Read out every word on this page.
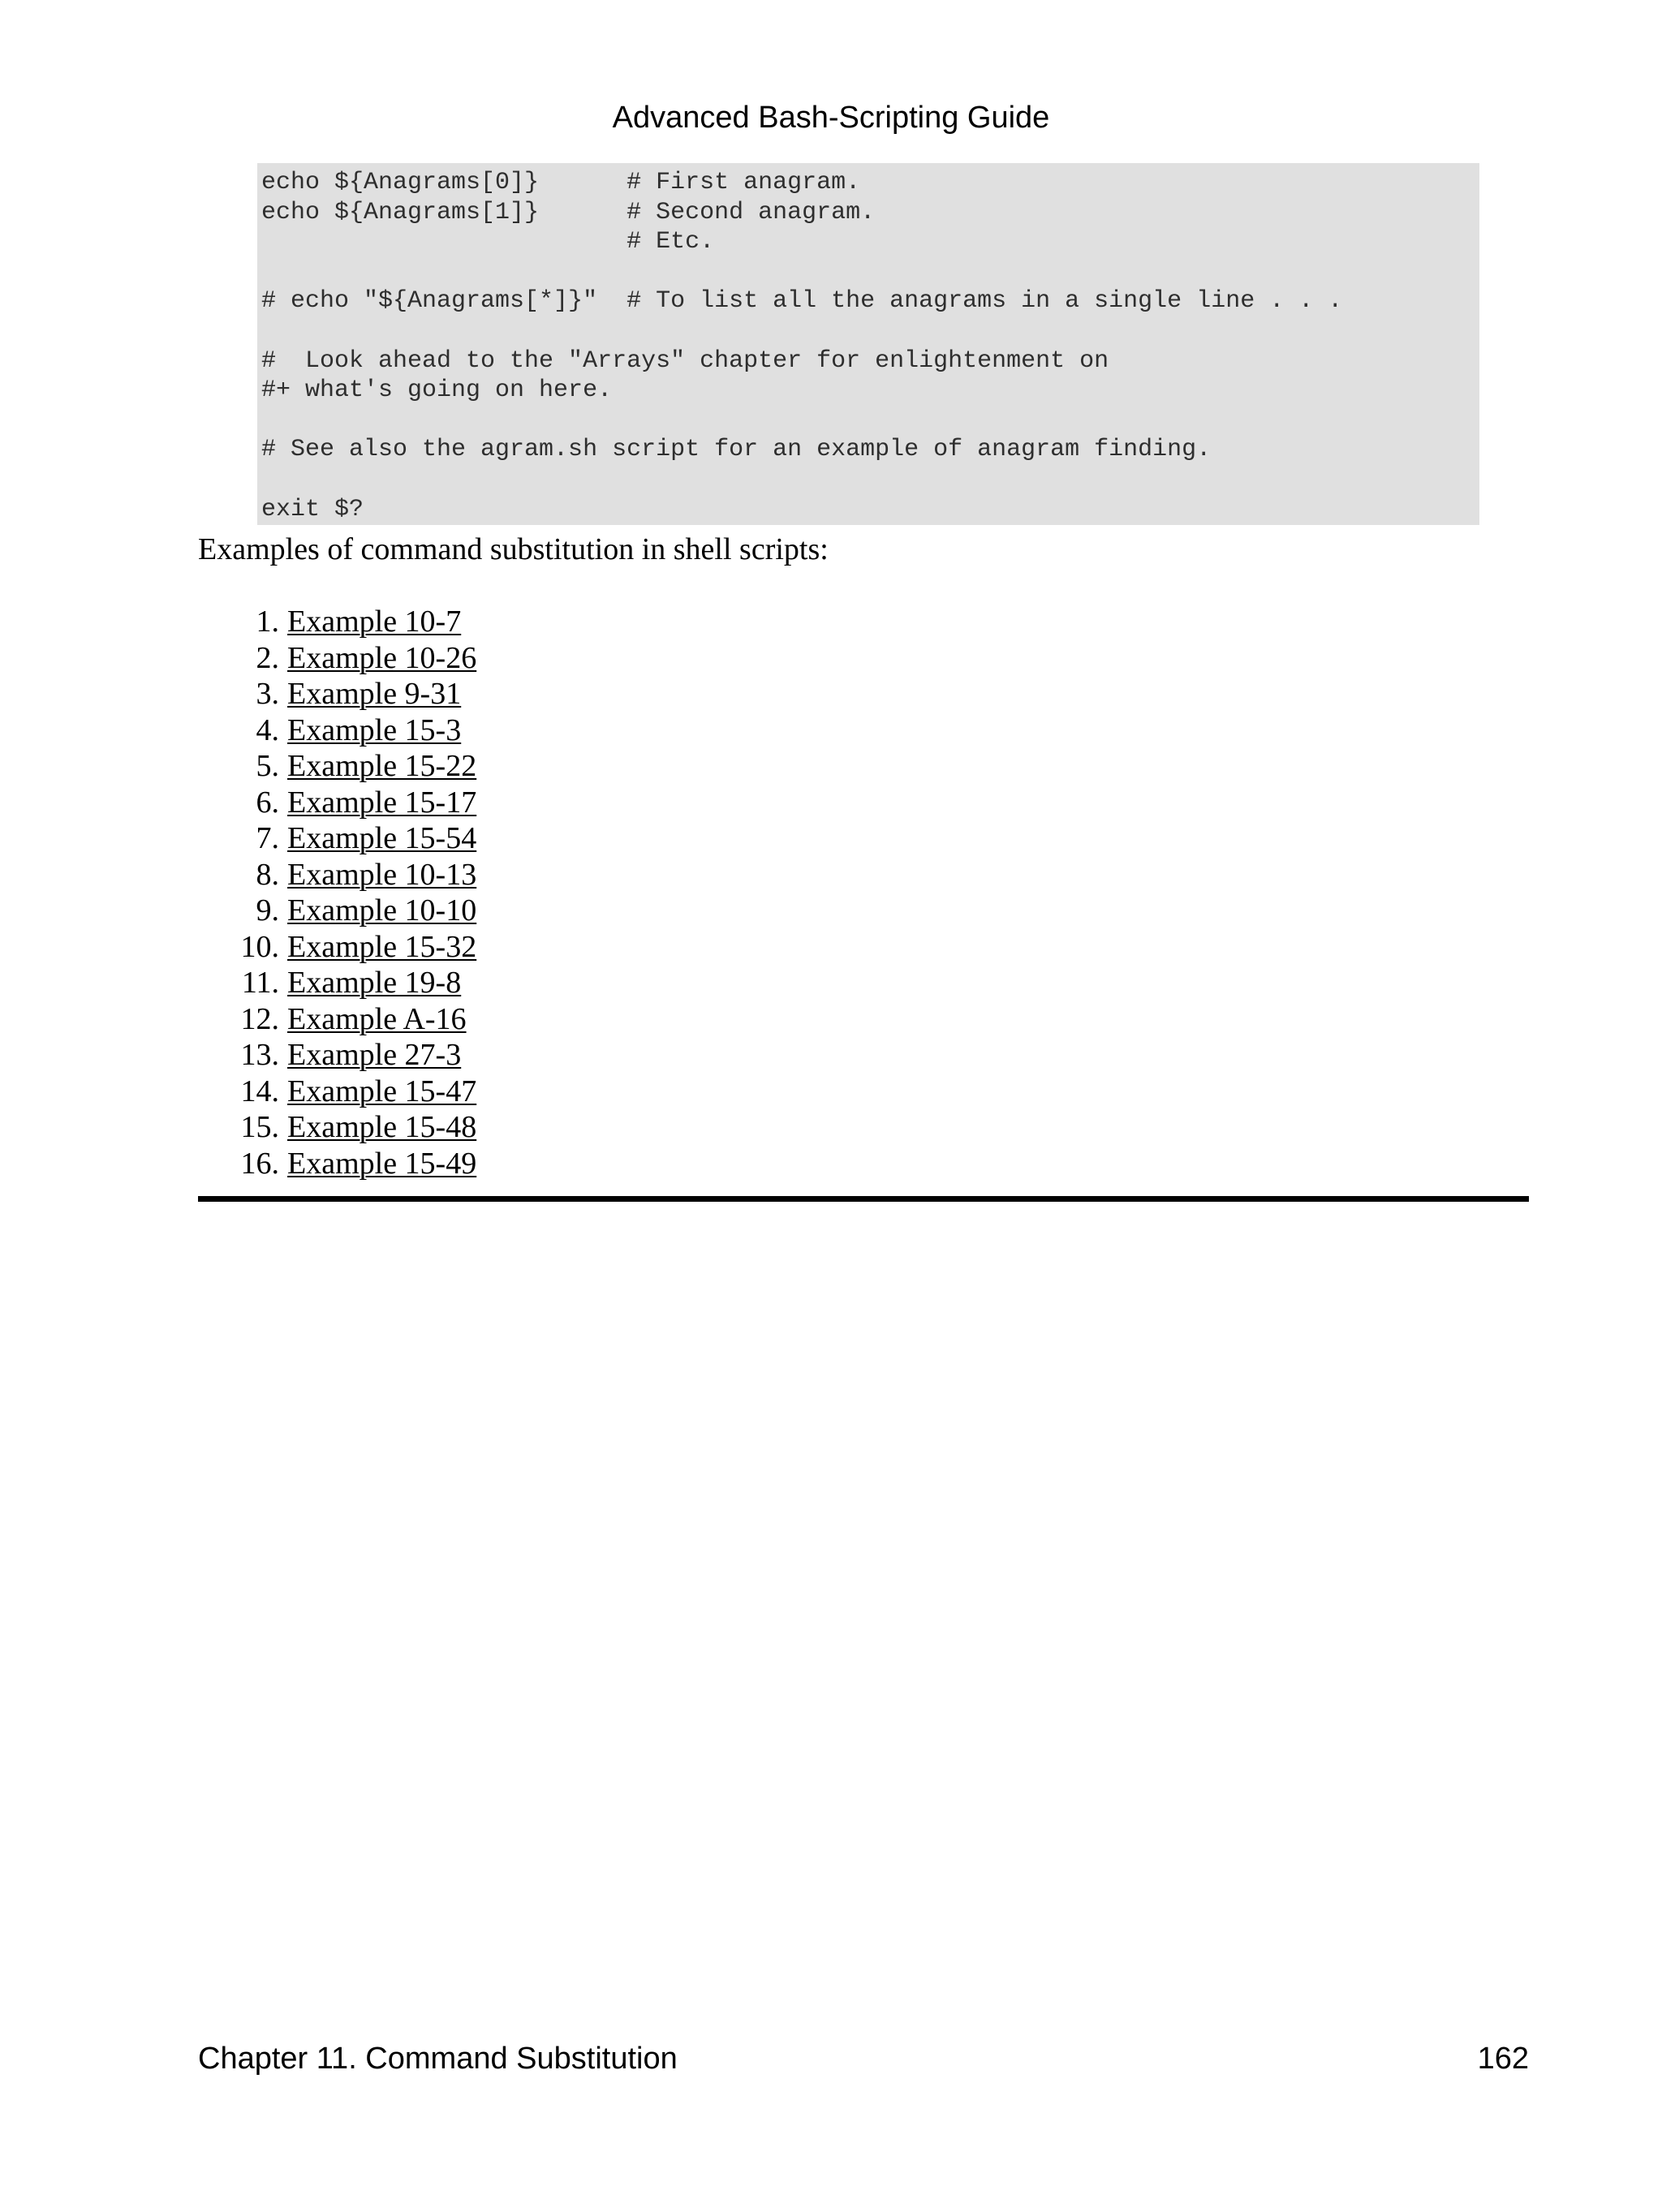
Advanced Bash-Scripting Guide
echo ${Anagrams[0]}      # First anagram.
echo ${Anagrams[1]}      # Second anagram.
# Etc.

# echo "${Anagrams[*]}"  # To list all the anagrams in a single line . . .

#  Look ahead to the "Arrays" chapter for enlightenment on
#+ what's going on here.

# See also the agram.sh script for an example of anagram finding.

exit $?
Examples of command substitution in shell scripts:
1. Example 10-7
2. Example 10-26
3. Example 9-31
4. Example 15-3
5. Example 15-22
6. Example 15-17
7. Example 15-54
8. Example 10-13
9. Example 10-10
10. Example 15-32
11. Example 19-8
12. Example A-16
13. Example 27-3
14. Example 15-47
15. Example 15-48
16. Example 15-49
Chapter 11. Command Substitution	162
